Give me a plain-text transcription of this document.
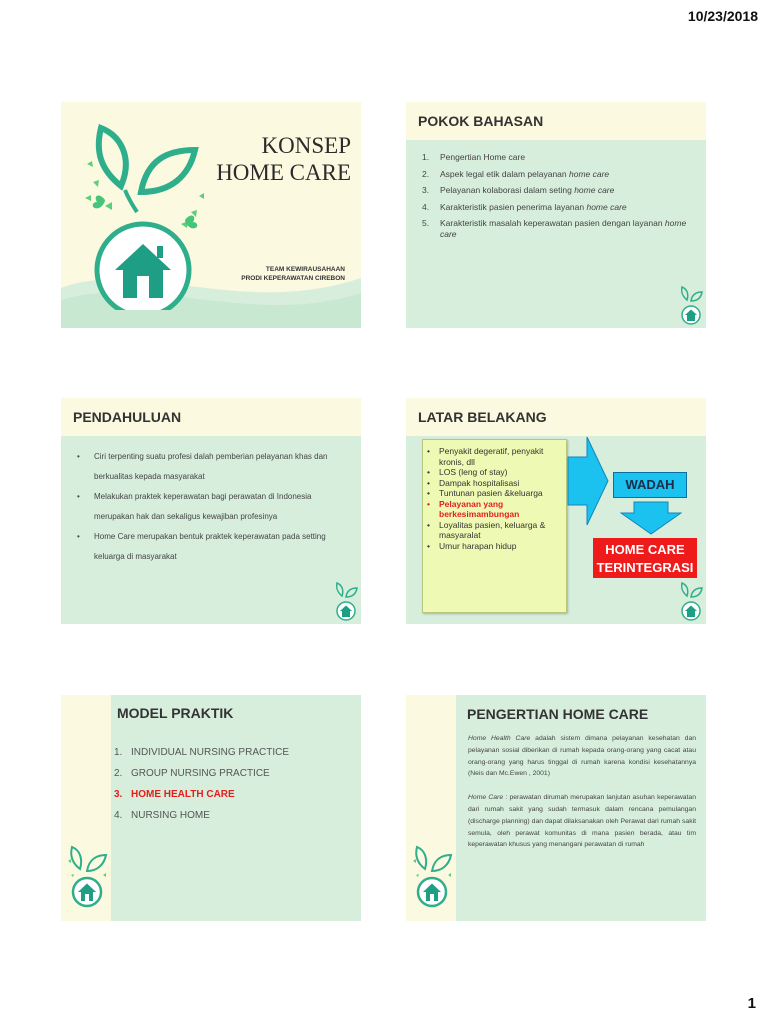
10/23/2018
KONSEP
HOME CARE
TEAM KEWIRAUSAHAAN
PRODI KEPERAWATAN CIREBON
POKOK BAHASAN
1.	Pengertian Home care
2.	Aspek legal etik dalam pelayanan home care
3.	Pelayanan kolaborasi dalam seting home care
4.	Karakteristik pasien penerima layanan home care
5.	Karakteristik masalah keperawatan pasien dengan layanan home care
PENDAHULUAN
•	Ciri terpenting suatu profesi dalah pemberian pelayanan khas dan berkualitas kepada masyarakat
•	Melakukan praktek keperawatan bagi perawatan di Indonesia merupakan hak dan sekaligus kewajiban profesinya
•	Home Care merupakan bentuk praktek keperawatan pada setting keluarga di masyarakat
LATAR BELAKANG
•	Penyakit degeratif, penyakit kronis, dll
•	LOS (leng of stay)
•	Dampak hospitalisasi
•	Tuntunan pasien &keluarga
•	Pelayanan yang berkesimambungan
•	Loyalitas pasien, keluarga & masyaralat
•	Umur harapan hidup
WADAH
HOME CARE
TERINTEGRASI
MODEL PRAKTIK
1. INDIVIDUAL NURSING PRACTICE
2. GROUP NURSING PRACTICE
3. HOME HEALTH CARE
4. NURSING HOME
PENGERTIAN HOME CARE

Home Health Care adalah sistem dimana pelayanan kesehatan dan pelayanan sosial diberikan di rumah kepada orang-orang yang cacat atau orang-orang yang harus tinggal di rumah karena kondisi kesehatannya (Neis dan Mc.Ewen , 2001)

Home Care : perawatan dirumah merupakan lanjutan asuhan keperawatan dari rumah sakit yang sudah termasuk dalam rencana pemulangan (discharge planning) dan dapat dilaksanakan oleh Perawat dari rumah sakit semula, oleh perawat komunitas di mana pasien berada, atau tim keperawatan khusus yang menangani perawatan di rumah

1
